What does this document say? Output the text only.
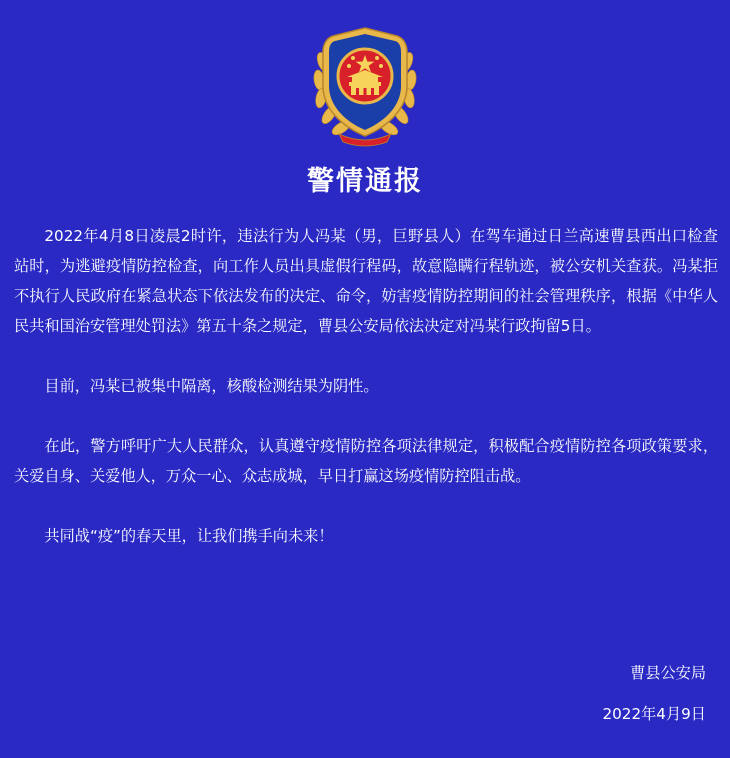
警情通报

2022年4月8日凌晨2时许，违法行为人冯某（男，巨野县人）在驾车通过日兰高速曹县西出口检查站时，为逃避疫情防控检查，向工作人员出具虚假行程码，故意隐瞒行程轨迹，被公安机关查获。冯某拒不执行人民政府在紧急状态下依法发布的决定、命令，妨害疫情防控期间的社会管理秩序，根据《中华人民共和国治安管理处罚法》第五十条之规定，曹县公安局依法决定对冯某行政拘留5日。

目前，冯某已被集中隔离，核酸检测结果为阴性。

在此，警方呼吁广大人民群众，认真遵守疫情防控各项法律规定，积极配合疫情防控各项政策要求，关爱自身、关爱他人，万众一心、众志成城，早日打赢这场疫情防控阻击战。

共同战“疫”的春天里，让我们携手向未来！

曹县公安局
2022年4月9日
